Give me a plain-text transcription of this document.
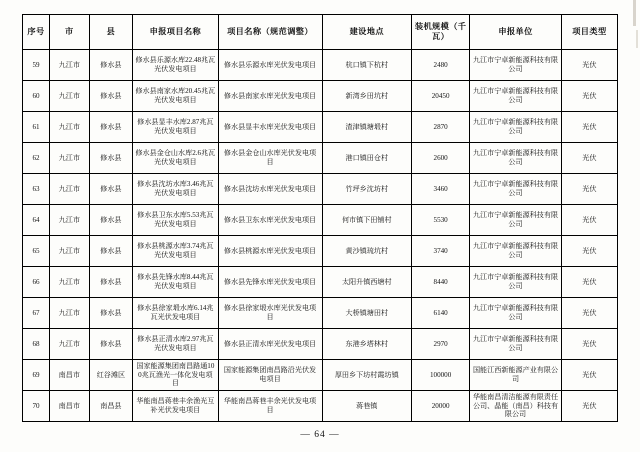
序号	市	县	申报项目名称	项目名称（规范调整）	建设地点	装机规模（千瓦）	申报单位	项目类型
59	九江市	修水县	修水县乐源水库22.48兆瓦光伏发电项目	修水县乐源水库光伏发电项目	杭口镇下杭村	2480	九江市宁卓新能源科技有限公司	光伏
60	九江市	修水县	修水县南家水库20.45兆瓦光伏发电项目	修水县南家水库光伏发电项目	新湾乡田坑村	20450	九江市宁卓新能源科技有限公司	光伏
61	九江市	修水县	修水县显丰水库2.87兆瓦光伏发电项目	修水县显丰水库光伏发电项目	渣津镇塘塅村	2870	九江市宁卓新能源科技有限公司	光伏
62	九江市	修水县	修水县金仓山水库2.6兆瓦光伏发电项目	修水县金仓山水库光伏发电项目	港口镇田仓村	2600	九江市宁卓新能源科技有限公司	光伏
63	九江市	修水县	修水县沈坊水库3.46兆瓦光伏发电项目	修水县沈坊水库光伏发电项目	竹坪乡沈坊村	3460	九江市宁卓新能源科技有限公司	光伏
64	九江市	修水县	修水县卫东水库5.53兆瓦光伏发电项目	修水县卫东水库光伏发电项目	何市镇下田铺村	5530	九江市宁卓新能源科技有限公司	光伏
65	九江市	修水县	修水县桃源水库3.74兆瓦光伏发电项目	修水县桃源水库光伏发电项目	黄沙镇琉坑村	3740	九江市宁卓新能源科技有限公司	光伏
66	九江市	修水县	修水县先锋水库8.44兆瓦光伏发电项目	修水县先锋水库光伏发电项目	太阳升镇西塘村	8440	九江市宁卓新能源科技有限公司	光伏
67	九江市	修水县	修水县徐家塅水库6.14兆瓦光伏发电项目	修水县徐家塅水库光伏发电项目	大桥镇塘田村	6140	九江市宁卓新能源科技有限公司	光伏
68	九江市	修水县	修水县正清水库2.97兆瓦光伏发电项目	修水县正清水库光伏发电项目	东港乡塔林村	2970	九江市宁卓新能源科技有限公司	光伏
69	南昌市	红谷滩区	国家能源集团南昌路通100兆瓦渔光一体化发电项目	国家能源集团南昌路沿光伏发电项目	厚田乡下坊村霞坊镇	100000	国能江西新能源产业有限公司	光伏
70	南昌市	南昌县	华能南昌蒋巷丰余渔光互补光伏发电项目	华能南昌蒋巷丰余光伏发电项目	蒋巷镇	20000	华能南昌清洁能源有限责任公司、晶能（南昌）科技有限公司	光伏
— 64 —
